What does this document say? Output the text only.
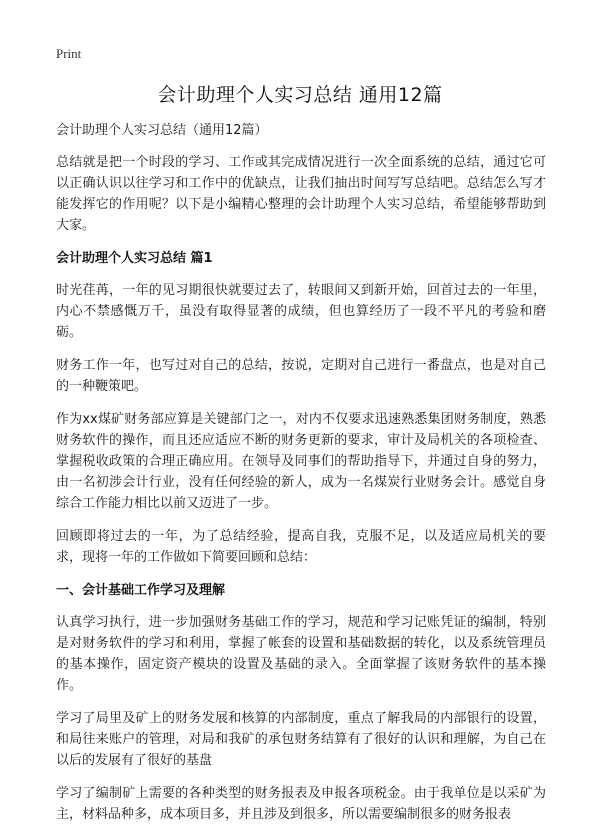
Print
会计助理个人实习总结 通用12篇

会计助理个人实习总结（通用12篇）

总结就是把一个时段的学习、工作或其完成情况进行一次全面系统的总结，通过它可以正确认识以往学习和工作中的优缺点，让我们抽出时间写写总结吧。总结怎么写才能发挥它的作用呢？以下是小编精心整理的会计助理个人实习总结，希望能够帮助到大家。

会计助理个人实习总结 篇1

时光荏苒，一年的见习期很快就要过去了，转眼间又到新开始，回首过去的一年里，内心不禁感慨万千，虽没有取得显著的成绩，但也算经历了一段不平凡的考验和磨砺。

财务工作一年，也写过对自己的总结，按说，定期对自己进行一番盘点，也是对自己的一种鞭策吧。

作为xx煤矿财务部应算是关键部门之一，对内不仅要求迅速熟悉集团财务制度，熟悉财务软件的操作，而且还应适应不断的财务更新的要求，审计及局机关的各项检查、掌握税收政策的合理正确应用。在领导及同事们的帮助指导下，并通过自身的努力，由一名初涉会计行业，没有任何经验的新人，成为一名煤炭行业财务会计。感觉自身综合工作能力相比以前又迈进了一步。

回顾即将过去的一年，为了总结经验，提高自我，克服不足，以及适应局机关的要求，现将一年的工作做如下简要回顾和总结：

一、会计基础工作学习及理解

认真学习执行，进一步加强财务基础工作的学习，规范和学习记账凭证的编制，特别是对财务软件的学习和利用，掌握了帐套的设置和基础数据的转化，以及系统管理员的基本操作，固定资产模块的设置及基础的录入。全面掌握了该财务软件的基本操作。

学习了局里及矿上的财务发展和核算的内部制度，重点了解我局的内部银行的设置，和局往来账户的管理，对局和我矿的承包财务结算有了很好的认识和理解，为自己在以后的发展有了很好的基盘

学习了编制矿上需要的各种类型的财务报表及申报各项税金。由于我单位是以采矿为主，材料品种多，成本项目多，并且涉及到很多，所以需要编制很多的财务报表
